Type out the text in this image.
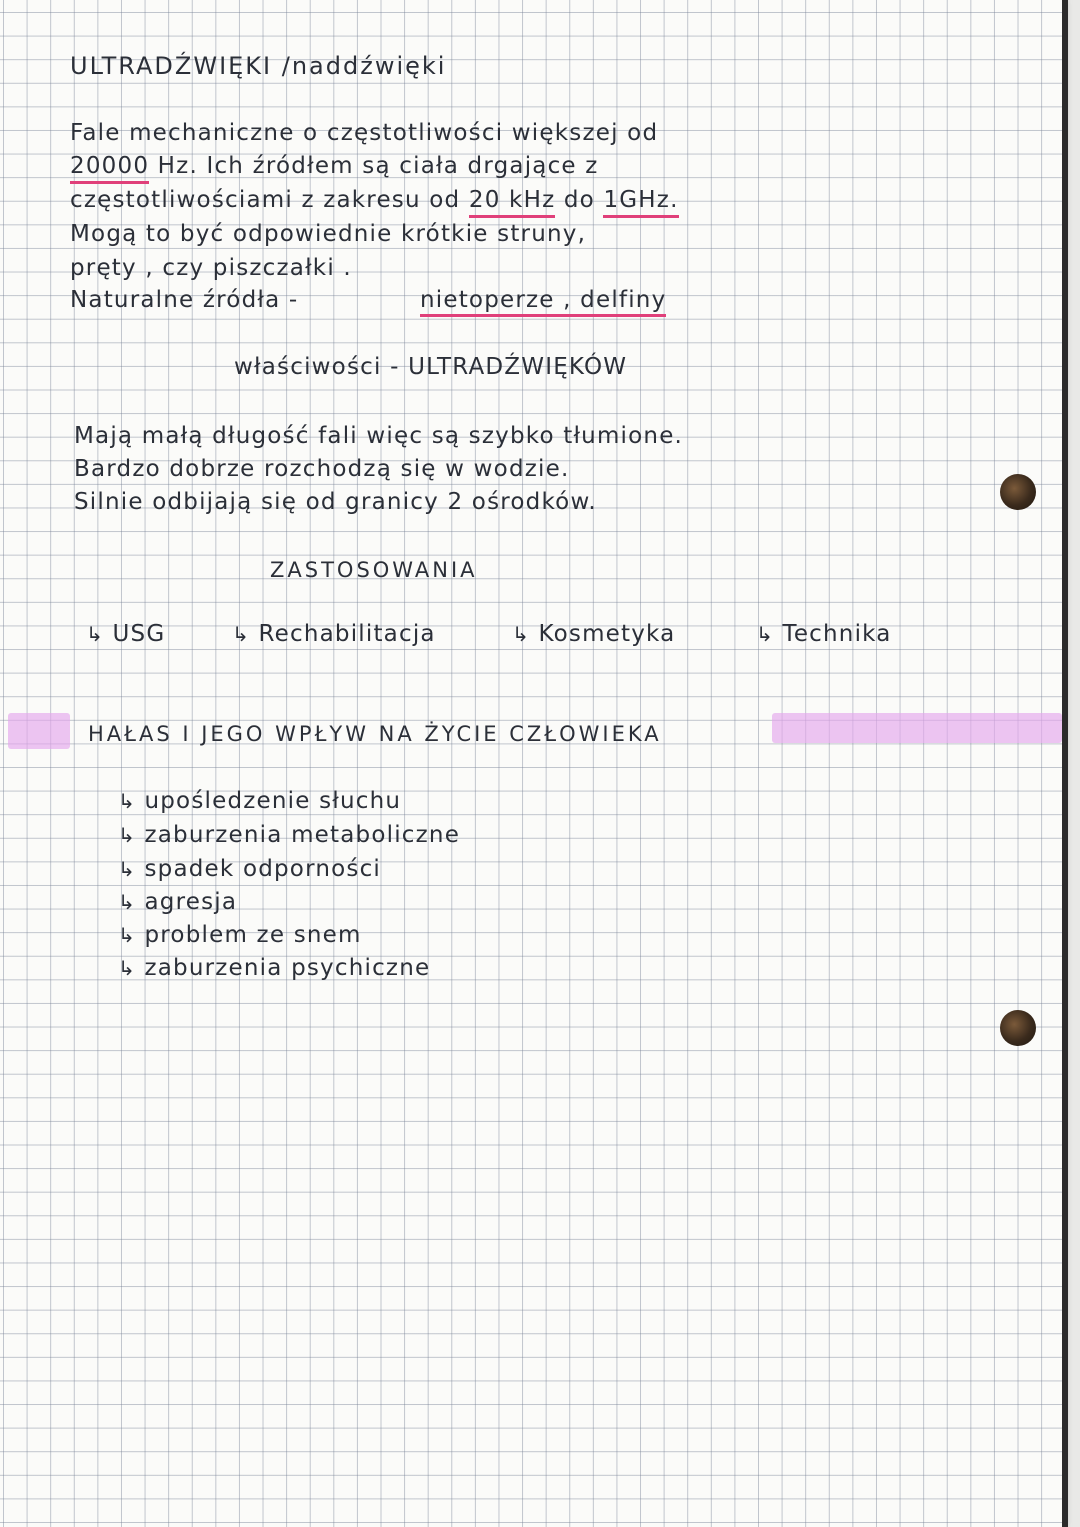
ULTRADŹWIĘKI /naddźwięki
Fale mechaniczne o częstotliwości większej od
20000 Hz. Ich źródłem są ciała drgające z
częstotliwościami z zakresu od 20 kHz do 1GHz.
Mogą to być odpowiednie krótkie struny,
pręty , czy piszczałki .
Naturalne źródła -	nietoperze , delfiny
właściwości - ULTRADŹWIĘKÓW
Mają małą długość fali więc są szybko tłumione.
Bardzo dobrze rozchodzą się w wodzie.
Silnie odbijają się od granicy 2 ośrodków.
ZASTOSOWANIA
↳ USG	↳ Rechabilitacja	↳ Kosmetyka	↳ Technika
HAŁAS I JEGO WPŁYW NA ŻYCIE CZŁOWIEKA
↳ upośledzenie słuchu
↳ zaburzenia metaboliczne
↳ spadek odporności
↳ agresja
↳ problem ze snem
↳ zaburzenia psychiczne
